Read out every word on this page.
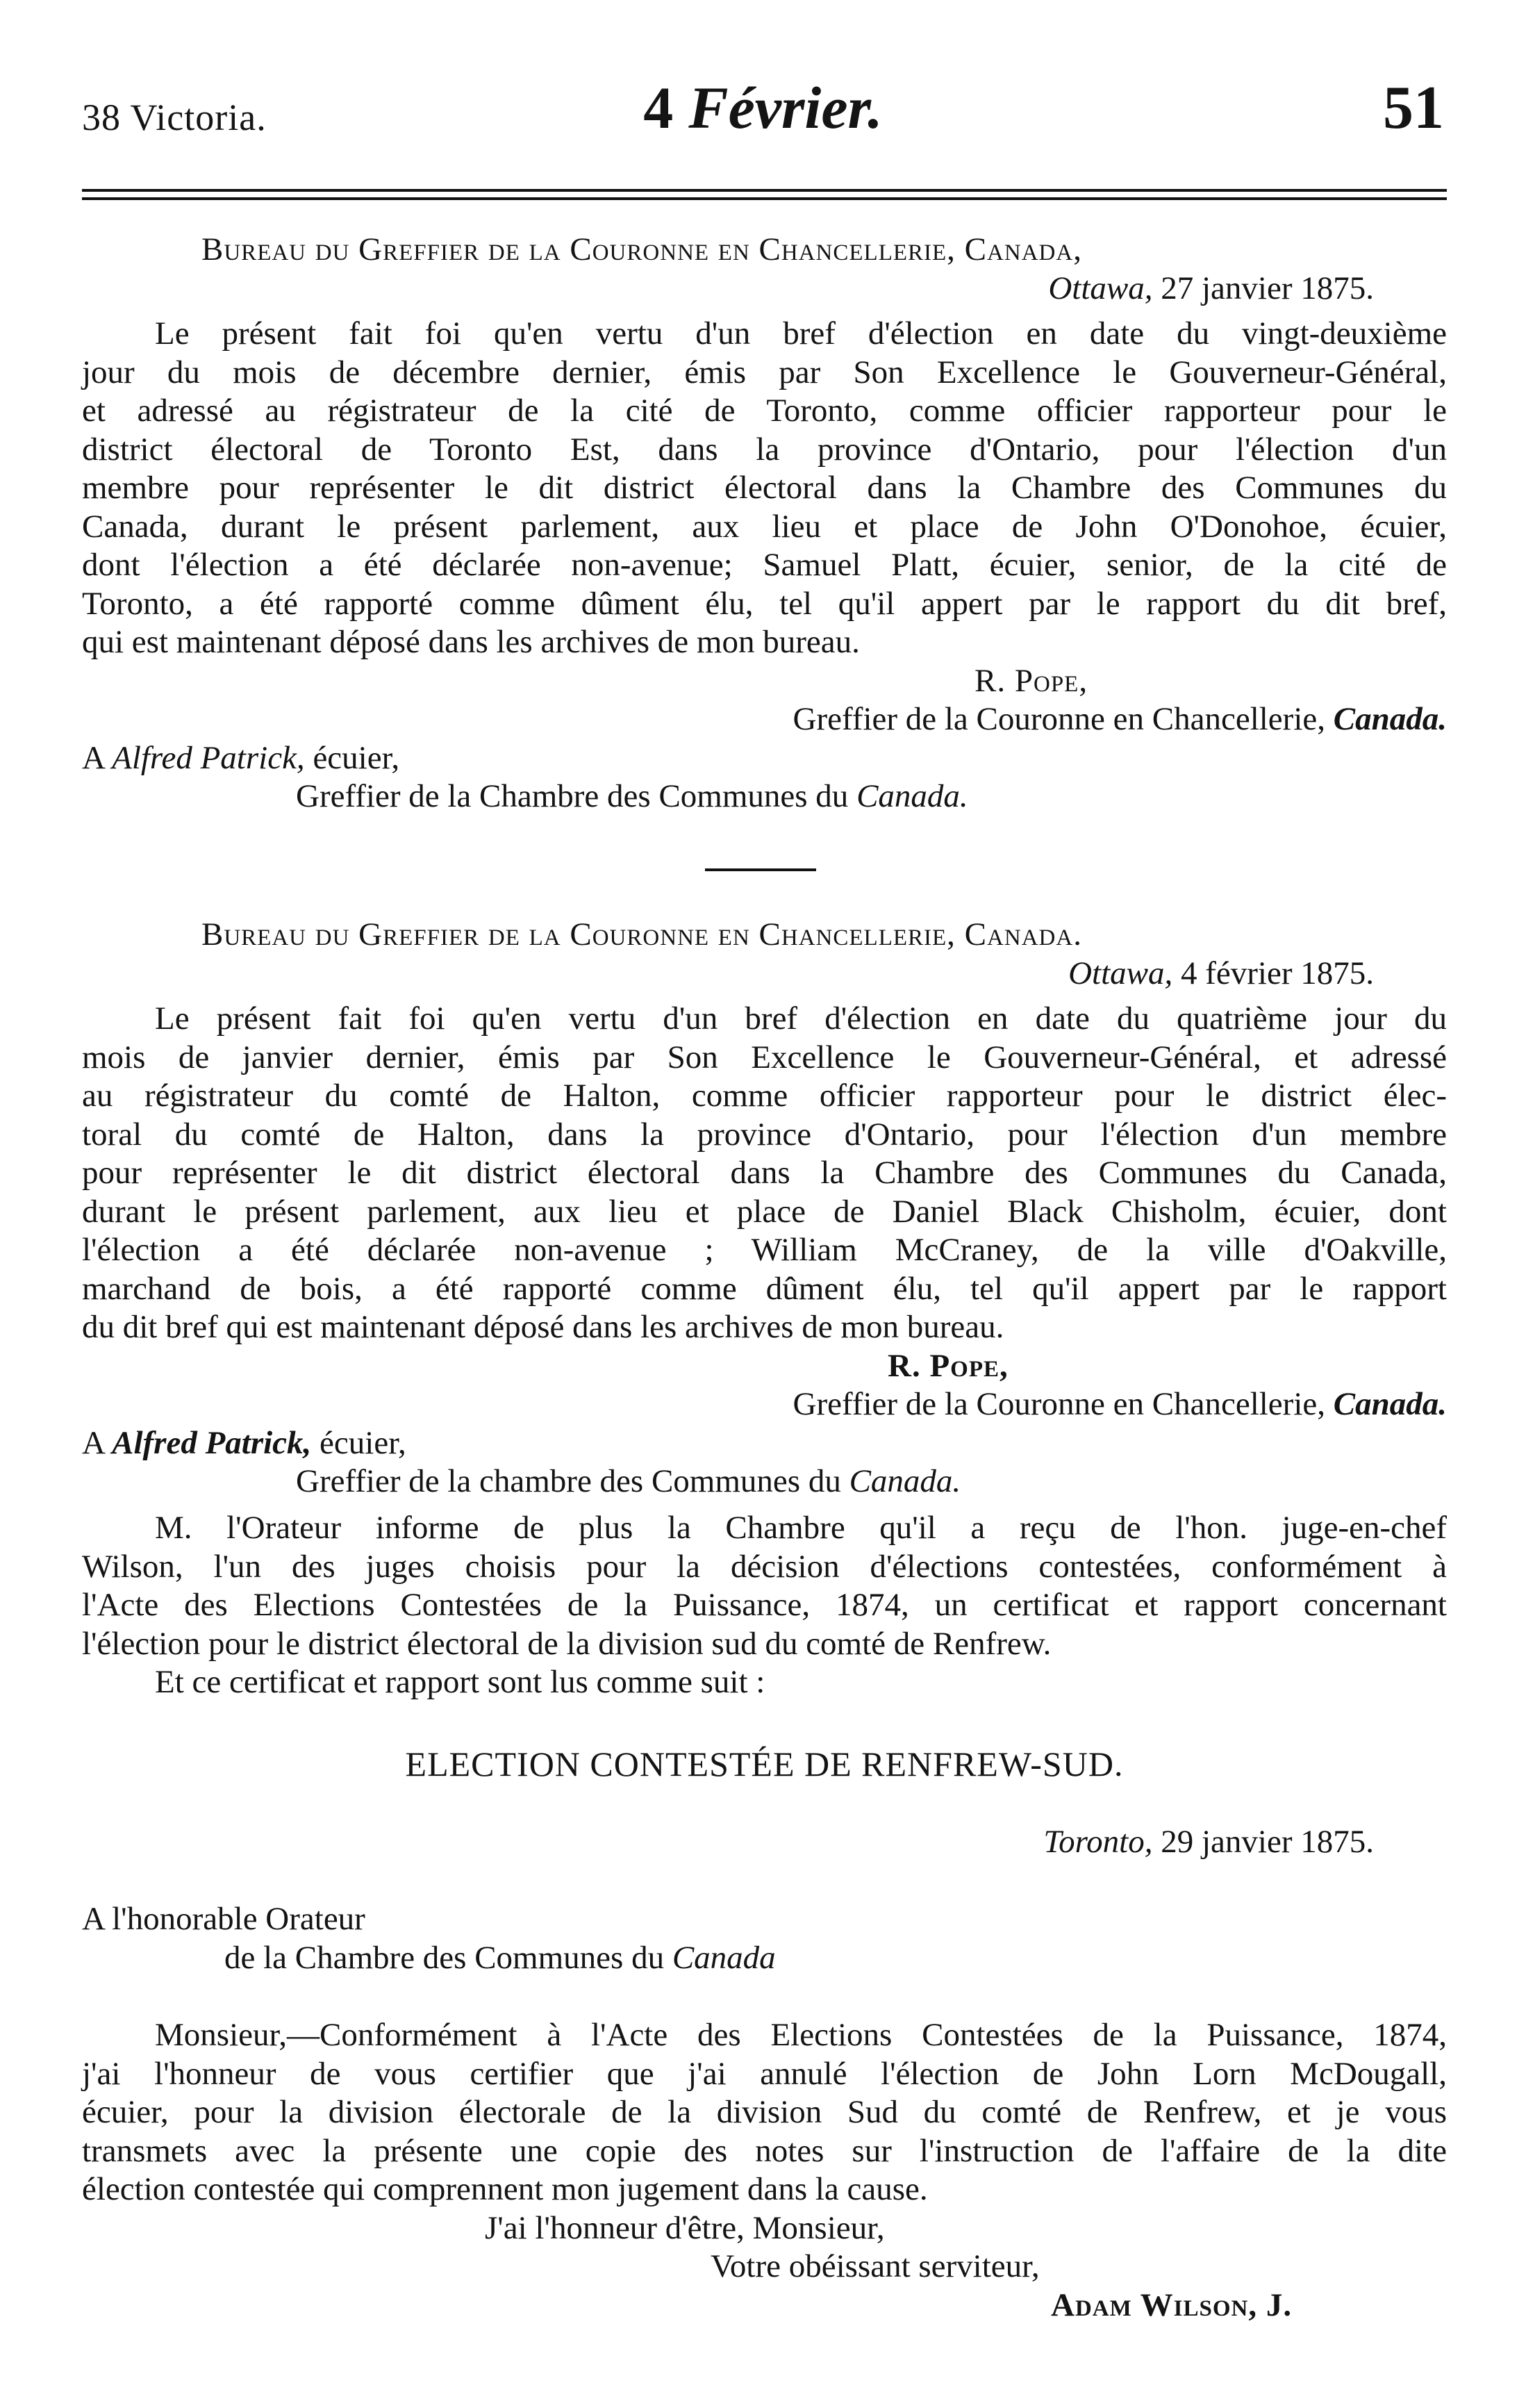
38 Victoria.	4 Février.	51
Bureau du Greffier de la Couronne en Chancellerie, Canada,
Ottawa, 27 janvier 1875.
Le présent fait foi qu'en vertu d'un bref d'élection en date du vingt-deuxième
jour du mois de décembre dernier, émis par Son Excellence le Gouverneur-Général,
et adressé au régistrateur de la cité de Toronto, comme officier rapporteur pour le
district électoral de Toronto Est, dans la province d'Ontario, pour l'élection d'un
membre pour représenter le dit district électoral dans la Chambre des Communes du
Canada, durant le présent parlement, aux lieu et place de John O'Donohoe, écuier,
dont l'élection a été déclarée non-avenue; Samuel Platt, écuier, senior, de la cité de
Toronto, a été rapporté comme dûment élu, tel qu'il appert par le rapport du dit bref,
qui est maintenant déposé dans les archives de mon bureau.
R. Pope,
Greffier de la Couronne en Chancellerie, Canada.
A Alfred Patrick, écuier,
Greffier de la Chambre des Communes du Canada.
Bureau du Greffier de la Couronne en Chancellerie, Canada.
Ottawa, 4 février 1875.
Le présent fait foi qu'en vertu d'un bref d'élection en date du quatrième jour du
mois de janvier dernier, émis par Son Excellence le Gouverneur-Général, et adressé
au régistrateur du comté de Halton, comme officier rapporteur pour le district élec-
toral du comté de Halton, dans la province d'Ontario, pour l'élection d'un membre
pour représenter le dit district électoral dans la Chambre des Communes du Canada,
durant le présent parlement, aux lieu et place de Daniel Black Chisholm, écuier, dont
l'élection a été déclarée non-avenue ; William McCraney, de la ville d'Oakville,
marchand de bois, a été rapporté comme dûment élu, tel qu'il appert par le rapport
du dit bref qui est maintenant déposé dans les archives de mon bureau.
R. Pope,
Greffier de la Couronne en Chancellerie, Canada.
A Alfred Patrick, écuier,
Greffier de la chambre des Communes du Canada.
M. l'Orateur informe de plus la Chambre qu'il a reçu de l'hon. juge-en-chef
Wilson, l'un des juges choisis pour la décision d'élections contestées, conformément à
l'Acte des Elections Contestées de la Puissance, 1874, un certificat et rapport concernant
l'élection pour le district électoral de la division sud du comté de Renfrew.
Et ce certificat et rapport sont lus comme suit :
ELECTION CONTESTÉE DE RENFREW-SUD.
Toronto, 29 janvier 1875.
A l'honorable Orateur
de la Chambre des Communes du Canada
Monsieur,—Conformément à l'Acte des Elections Contestées de la Puissance, 1874,
j'ai l'honneur de vous certifier que j'ai annulé l'élection de John Lorn McDougall,
écuier, pour la division électorale de la division Sud du comté de Renfrew, et je vous
transmets avec la présente une copie des notes sur l'instruction de l'affaire de la dite
élection contestée qui comprennent mon jugement dans la cause.
J'ai l'honneur d'être, Monsieur,
Votre obéissant serviteur,
Adam Wilson, J.
